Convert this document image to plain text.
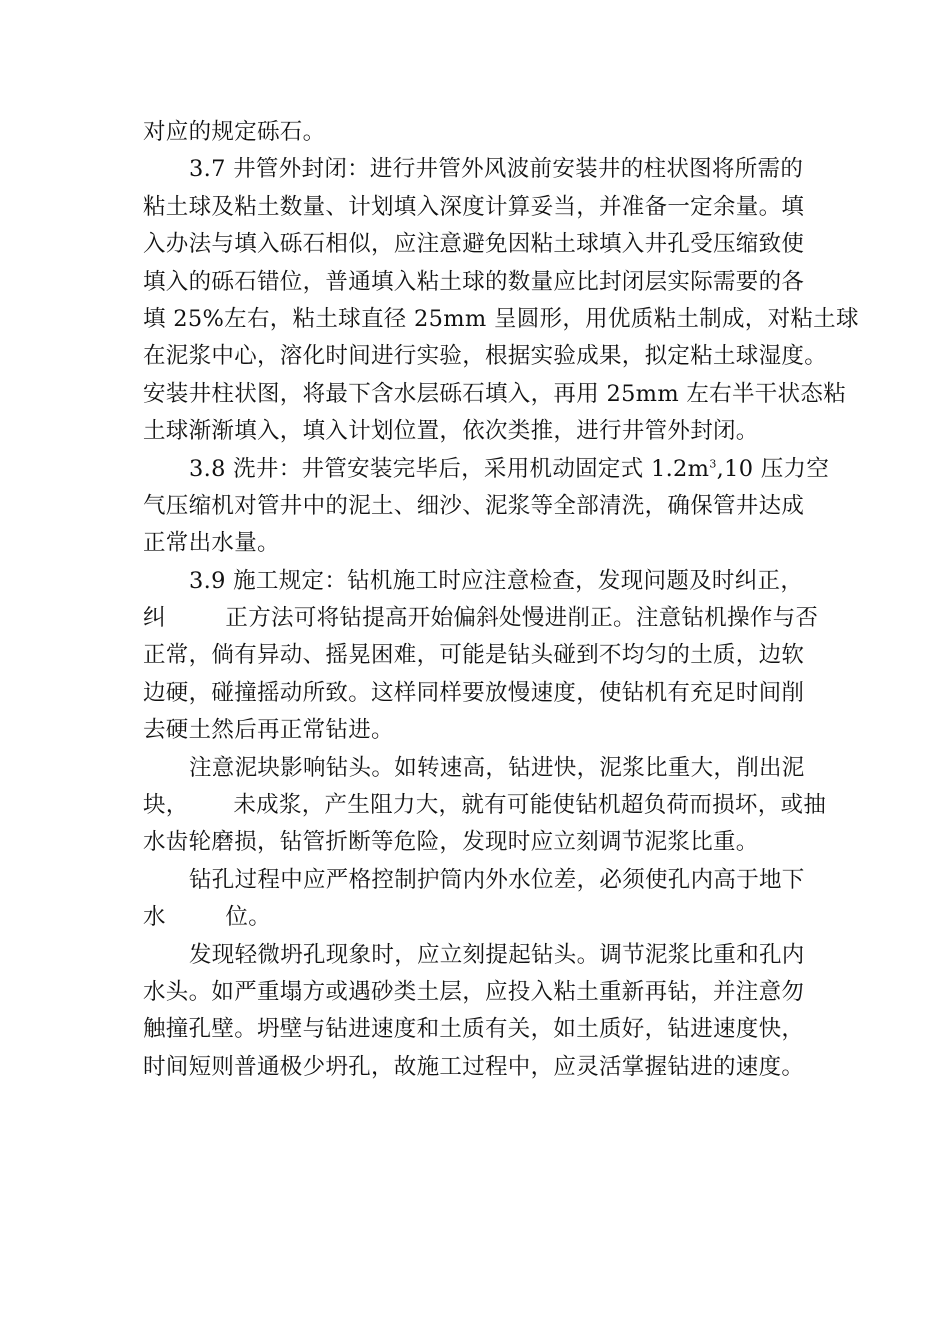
对应的规定砾石。
3.7 井管外封闭：进行井管外风波前安装井的柱状图将所需的
粘土球及粘土数量、计划填入深度计算妥当，并准备一定余量。填
入办法与填入砾石相似，应注意避免因粘土球填入井孔受压缩致使
填入的砾石错位，普通填入粘土球的数量应比封闭层实际需要的各
填 25%左右，粘土球直径 25mm 呈圆形，用优质粘土制成，对粘土球
在泥浆中心，溶化时间进行实验，根据实验成果，拟定粘土球湿度。
安装井柱状图，将最下含水层砾石填入，再用 25mm 左右半干状态粘
土球渐渐填入，填入计划位置，依次类推，进行井管外封闭。
3.8 洗井：井管安装完毕后，采用机动固定式 $1.2m^3,10$ 压力空
气压缩机对管井中的泥土、细沙、泥浆等全部清洗，确保管井达成
正常出水量。
3.9 施工规定：钻机施工时应注意检查，发现问题及时纠正，
纠        正方法可将钻提高开始偏斜处慢进削正。注意钻机操作与否
正常，倘有异动、摇晃困难，可能是钻头碰到不均匀的土质，边软
边硬，碰撞摇动所致。这样同样要放慢速度，使钻机有充足时间削
去硬土然后再正常钻进。
注意泥块影响钻头。如转速高，钻进快，泥浆比重大，削出泥
块，      未成浆，产生阻力大，就有可能使钻机超负荷而损坏，或抽
水齿轮磨损，钻管折断等危险，发现时应立刻调节泥浆比重。
钻孔过程中应严格控制护筒内外水位差，必须使孔内高于地下
水        位。
发现轻微坍孔现象时，应立刻提起钻头。调节泥浆比重和孔内
水头。如严重塌方或遇砂类土层，应投入粘土重新再钻，并注意勿
触撞孔壁。坍壁与钻进速度和土质有关，如土质好，钻进速度快，
时间短则普通极少坍孔，故施工过程中，应灵活掌握钻进的速度。
